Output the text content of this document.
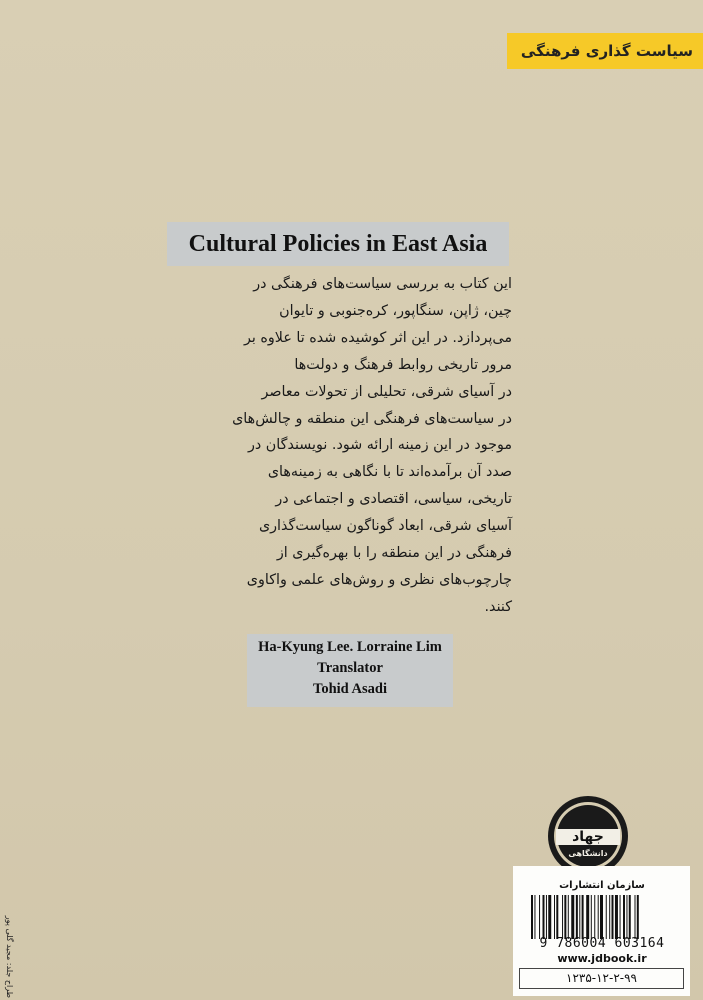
سیاست گذاری فرهنگی
Cultural Policies in East Asia

این کتاب به بررسی سیاست‌های فرهنگی در

چین، ژاپن، سنگاپور، کره‌جنوبی و تایوان

می‌پردازد. در این اثر کوشیده شده تا علاوه بر

مرور تاریخی روابط فرهنگ و دولت‌ها

در آسیای شرقی، تحلیلی از تحولات معاصر

در سیاست‌های فرهنگی این منطقه و چالش‌های

موجود در این زمینه ارائه شود. نویسندگان در

صدد آن برآمده‌اند تا با نگاهی به زمینه‌های

تاریخی، سیاسی، اقتصادی و اجتماعی در

آسیای شرقی، ابعاد گوناگون سیاست‌گذاری

فرهنگی در این منطقه را با بهره‌گیری از

چارچوب‌های نظری و روش‌های علمی واکاوی

کنند.

Ha-Kyung Lee. Lorraine Lim
Translator
Tohid Asadi
طراح جلد: مجید گلی پور
جهاد
دانشگاهی
سازمان انتشارات
9 786004 603164
www.jdbook.ir
۱۲۳۵-۱۲-۲-۹۹
